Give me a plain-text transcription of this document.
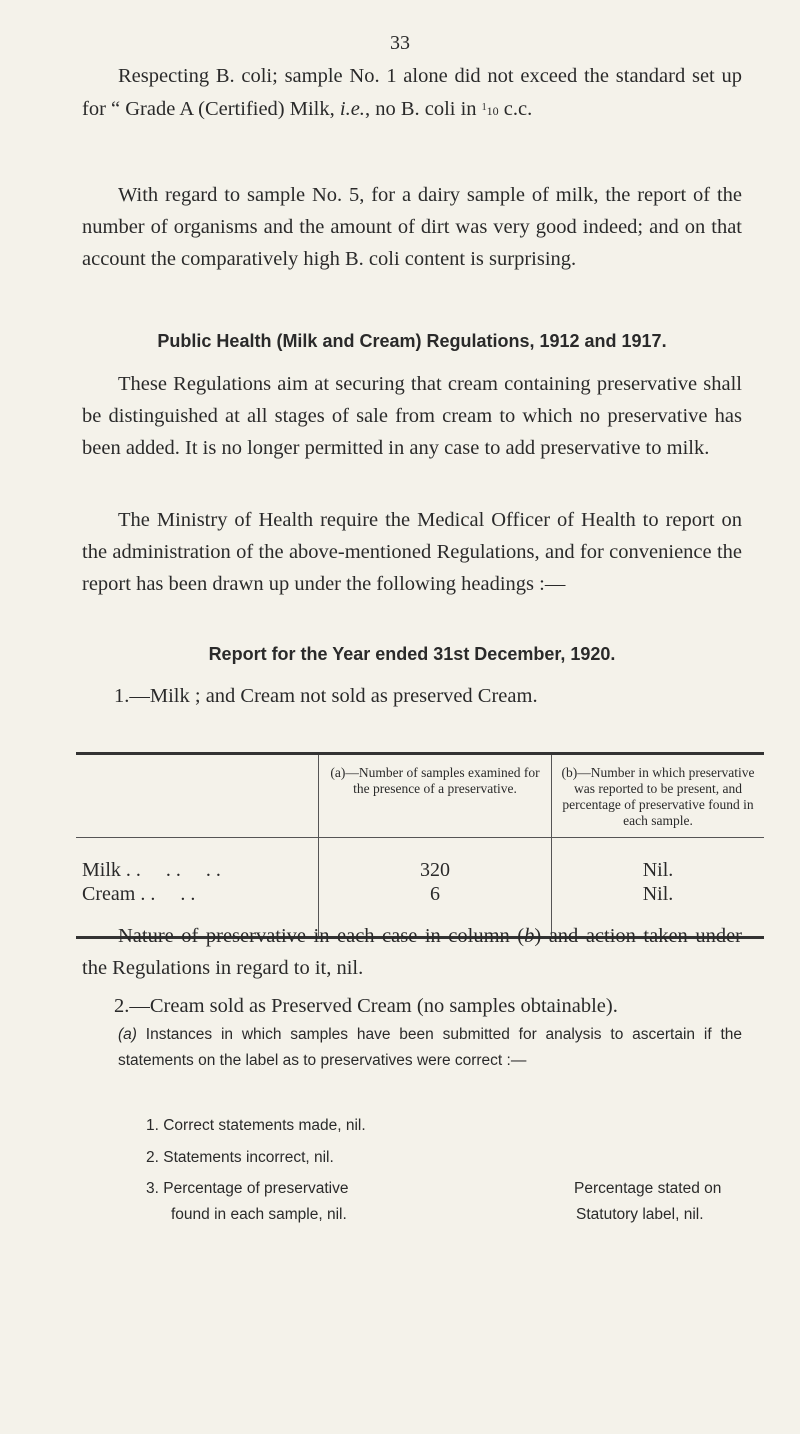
33

Respecting B. coli; sample No. 1 alone did not exceed the standard set up for “ Grade A (Certified) Milk, i.e., no B. coli in $^1$10 c.c.

With regard to sample No. 5, for a dairy sample of milk, the report of the number of organisms and the amount of dirt was very good indeed; and on that account the comparatively high B. coli content is surprising.

Public Health (Milk and Cream) Regulations, 1912 and 1917.

These Regulations aim at securing that cream containing preservative shall be distinguished at all stages of sale from cream to which no preservative has been added. It is no longer permitted in any case to add preservative to milk.

The Ministry of Health require the Medical Officer of Health to report on the administration of the above-mentioned Regulations, and for convenience the report has been drawn up under the following headings :—

Report for the Year ended 31st December, 1920.

1.—Milk ; and Cream not sold as preserved Cream.

	(a)—Number of samples examined for the presence of a preservative.	(b)—Number in which preservative was reported to be present, and percentage of preservative found in each sample.
Milk . .     . .     . .	320	Nil.
Cream . .     . .	6	Nil.

Nature of preservative in each case in column (b) and action taken under the Regulations in regard to it, nil.

2.—Cream sold as Preserved Cream (no samples obtainable).

(a) Instances in which samples have been submitted for analysis to ascertain if the statements on the label as to preservatives were correct :—

1. Correct statements made, nil.
2. Statements incorrect, nil.
3. Percentage of preservative
found in each sample, nil.
Percentage stated on
Statutory label, nil.
